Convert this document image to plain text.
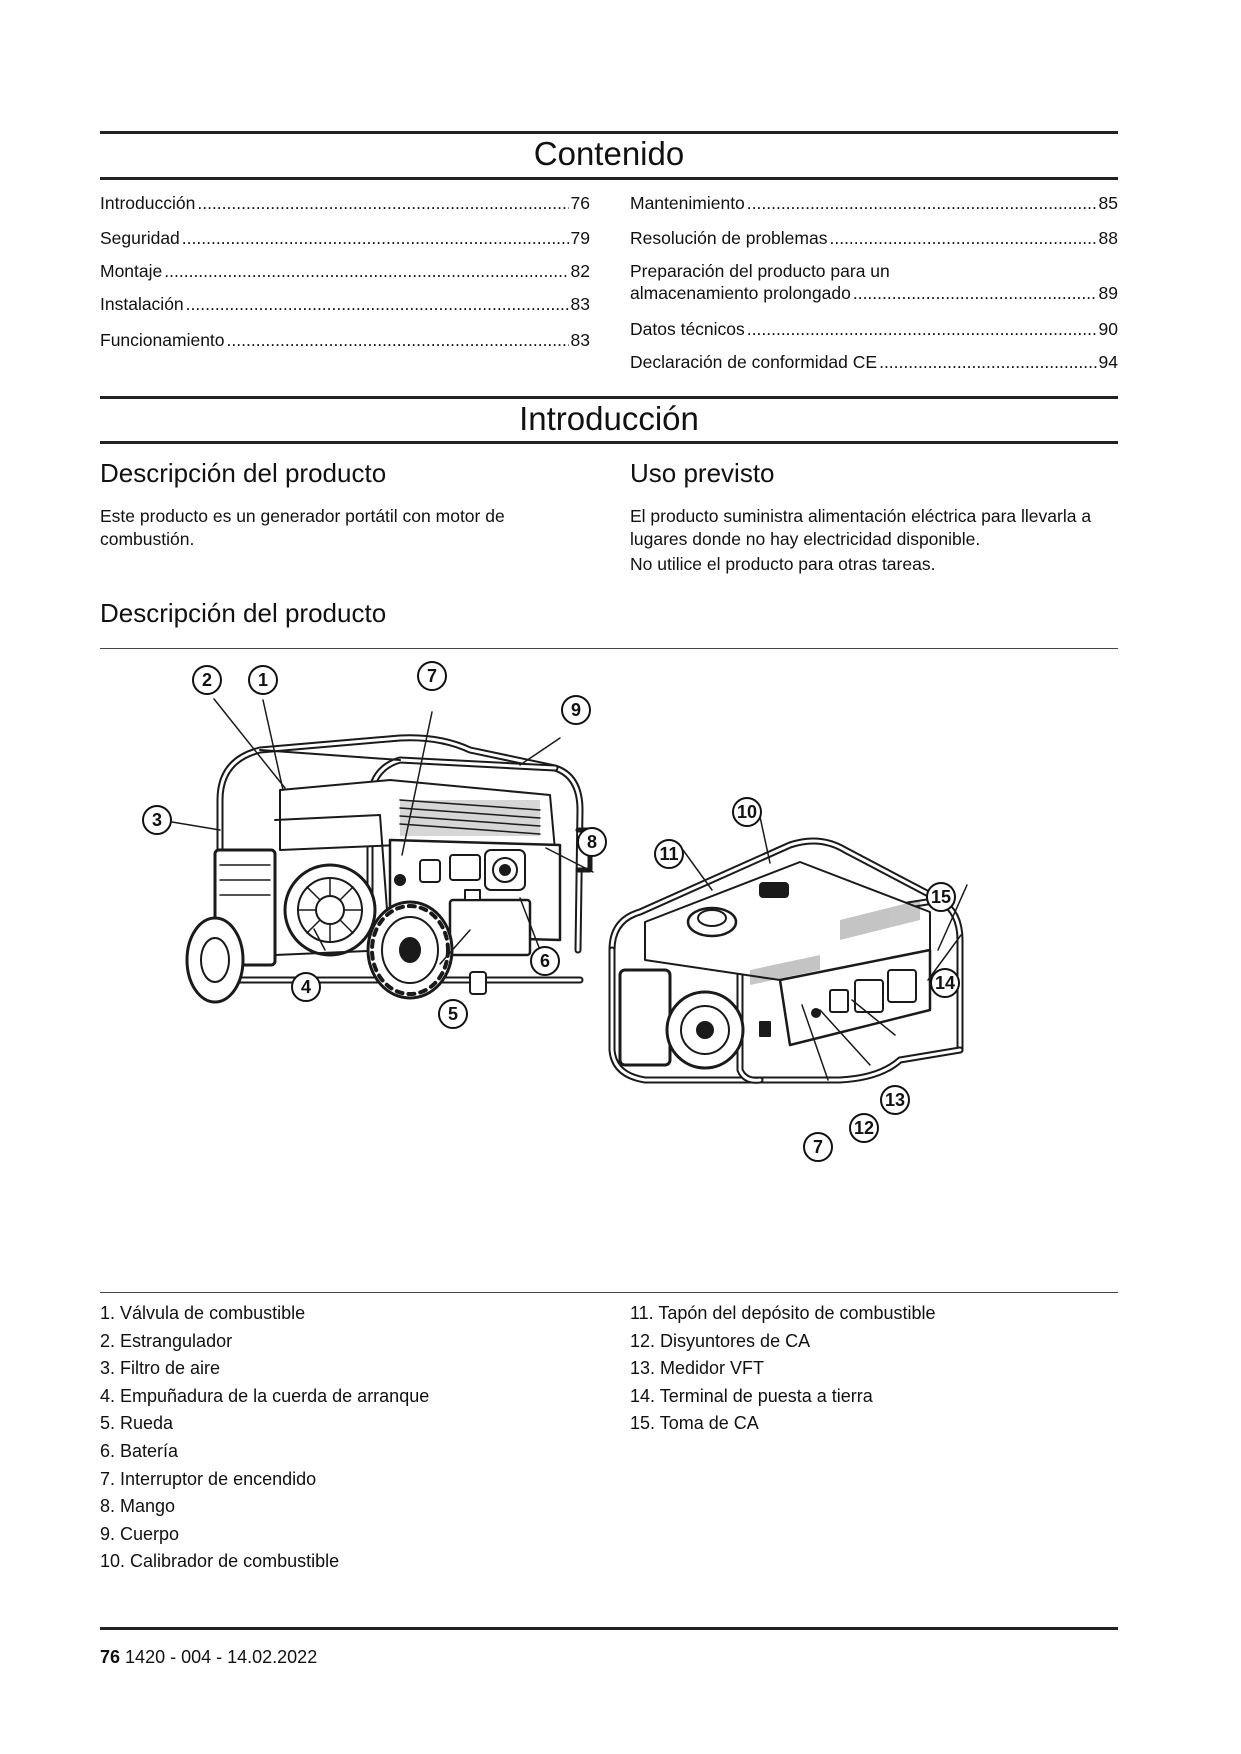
Contenido
Introducción .....	76
Seguridad .....	79
Montaje .....	82
Instalación .....	83
Funcionamiento .....	83
Mantenimiento .....	85
Resolución de problemas .....	88
Preparación del producto para un
almacenamiento prolongado .....	89
Datos técnicos .....	90
Declaración de conformidad CE .....	94
Introducción
Descripción del producto
Este producto es un generador portátil con motor de combustión.
Uso previsto
El producto suministra alimentación eléctrica para llevarla a lugares donde no hay electricidad disponible.
No utilice el producto para otras tareas.
Descripción del producto
1
2
3
4
5
6
7
8
9
10
11
12
13
14
15
7
1. Válvula de combustible
2. Estrangulador
3. Filtro de aire
4. Empuñadura de la cuerda de arranque
5. Rueda
6. Batería
7. Interruptor de encendido
8. Mango
9. Cuerpo
10. Calibrador de combustible
11. Tapón del depósito de combustible
12. Disyuntores de CA
13. Medidor VFT
14. Terminal de puesta a tierra
15. Toma de CA
76 1420 - 004 - 14.02.2022
